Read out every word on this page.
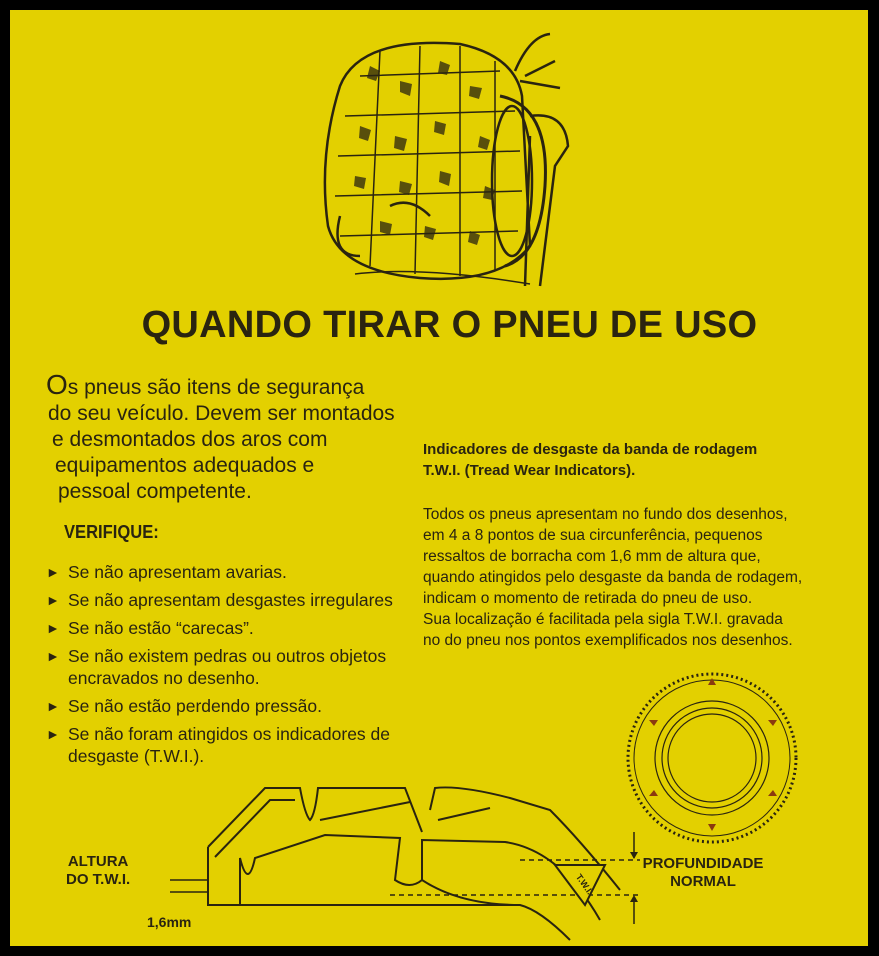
QUANDO TIRAR O PNEU DE USO
Os pneus são itens de segurança
do seu veículo. Devem ser montados
e desmontados dos aros com
equipamentos adequados e
pessoal competente.
VERIFIQUE:
► Se não apresentam avarias.
► Se não apresentam desgastes irregulares
► Se não estão “carecas”.
► Se não existem pedras ou outros objetos encravados no desenho.
► Se não estão perdendo pressão.
► Se não foram atingidos os indicadores de desgaste (T.W.I.).
Indicadores de desgaste da banda de rodagem
T.W.I. (Tread Wear Indicators).
Todos os pneus apresentam no fundo dos desenhos,
em 4 a 8 pontos de sua circunferência, pequenos
ressaltos de borracha com 1,6 mm de altura que,
quando atingidos pelo desgaste da banda de rodagem,
indicam o momento de retirada do pneu de uso.
Sua localização é facilitada pela sigla T.W.I. gravada
no do pneu nos pontos exemplificados nos desenhos.
T.W.I.
ALTURA
DO T.W.I.
1,6mm
PROFUNDIDADE
NORMAL
